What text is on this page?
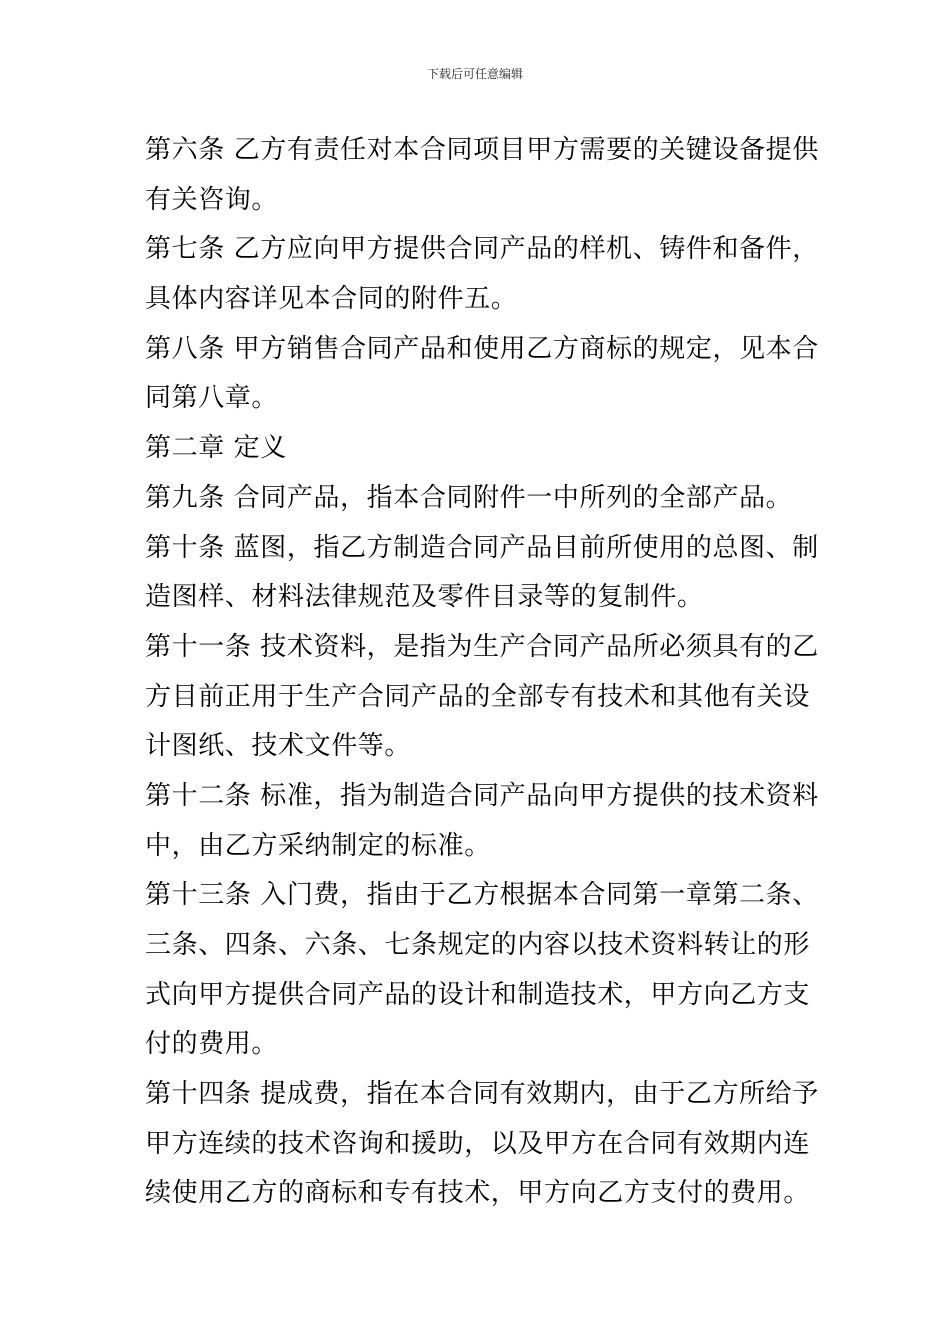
下载后可任意编辑
第六条 乙方有责任对本合同项目甲方需要的关键设备提供
有关咨询。
第七条 乙方应向甲方提供合同产品的样机、铸件和备件，
具体内容详见本合同的附件五。
第八条 甲方销售合同产品和使用乙方商标的规定，见本合
同第八章。
第二章 定义
第九条 合同产品，指本合同附件一中所列的全部产品。
第十条 蓝图，指乙方制造合同产品目前所使用的总图、制
造图样、材料法律规范及零件目录等的复制件。
第十一条 技术资料，是指为生产合同产品所必须具有的乙
方目前正用于生产合同产品的全部专有技术和其他有关设
计图纸、技术文件等。
第十二条 标准，指为制造合同产品向甲方提供的技术资料
中，由乙方采纳制定的标准。
第十三条 入门费，指由于乙方根据本合同第一章第二条、
三条、四条、六条、七条规定的内容以技术资料转让的形
式向甲方提供合同产品的设计和制造技术，甲方向乙方支
付的费用。
第十四条 提成费，指在本合同有效期内，由于乙方所给予
甲方连续的技术咨询和援助，以及甲方在合同有效期内连
续使用乙方的商标和专有技术，甲方向乙方支付的费用。
